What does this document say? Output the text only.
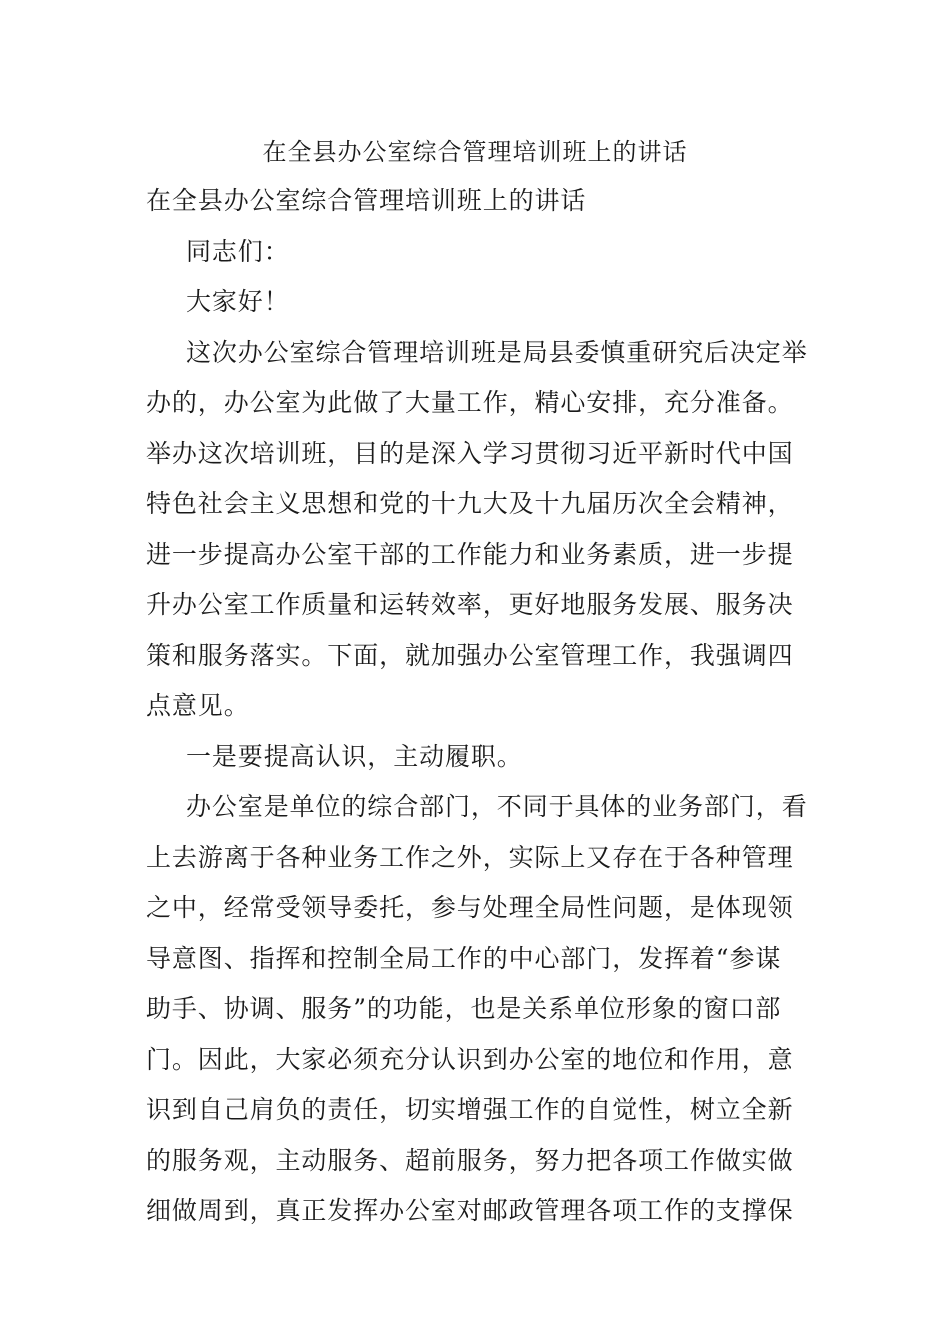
在全县办公室综合管理培训班上的讲话

在全县办公室综合管理培训班上的讲话

同志们：

大家好！

这次办公室综合管理培训班是局县委慎重研究后决定举

办的，办公室为此做了大量工作，精心安排，充分准备。

举办这次培训班，目的是深入学习贯彻习近平新时代中国

特色社会主义思想和党的十九大及十九届历次全会精神，

进一步提高办公室干部的工作能力和业务素质，进一步提

升办公室工作质量和运转效率，更好地服务发展、服务决

策和服务落实。下面，就加强办公室管理工作，我强调四

点意见。

一是要提高认识，主动履职。

办公室是单位的综合部门，不同于具体的业务部门，看

上去游离于各种业务工作之外，实际上又存在于各种管理

之中，经常受领导委托，参与处理全局性问题，是体现领

导意图、指挥和控制全局工作的中心部门，发挥着“参谋

助手、协调、服务”的功能，也是关系单位形象的窗口部

门。因此，大家必须充分认识到办公室的地位和作用，意

识到自己肩负的责任，切实增强工作的自觉性，树立全新

的服务观，主动服务、超前服务，努力把各项工作做实做

细做周到，真正发挥办公室对邮政管理各项工作的支撑保
